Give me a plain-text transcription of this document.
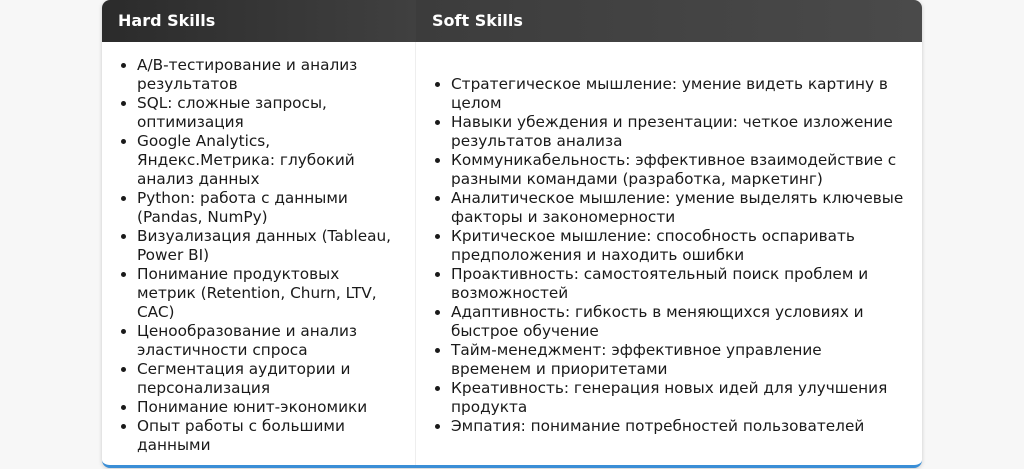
Hard Skills	Soft Skills
• A/B-тестирование и анализ результатов
• SQL: сложные запросы, оптимизация
• Google Analytics, Яндекс.Метрика: глубокий анализ данных
• Python: работа с данными (Pandas, NumPy)
• Визуализация данных (Tableau, Power BI)
• Понимание продуктовых метрик (Retention, Churn, LTV, CAC)
• Ценообразование и анализ эластичности спроса
• Сегментация аудитории и персонализация
• Понимание юнит-экономики
• Опыт работы с большими данными
• Стратегическое мышление: умение видеть картину в целом
• Навыки убеждения и презентации: четкое изложение результатов анализа
• Коммуникабельность: эффективное взаимодействие с разными командами (разработка, маркетинг)
• Аналитическое мышление: умение выделять ключевые факторы и закономерности
• Критическое мышление: способность оспаривать предположения и находить ошибки
• Проактивность: самостоятельный поиск проблем и возможностей
• Адаптивность: гибкость в меняющихся условиях и быстрое обучение
• Тайм-менеджмент: эффективное управление временем и приоритетами
• Креативность: генерация новых идей для улучшения продукта
• Эмпатия: понимание потребностей пользователей
